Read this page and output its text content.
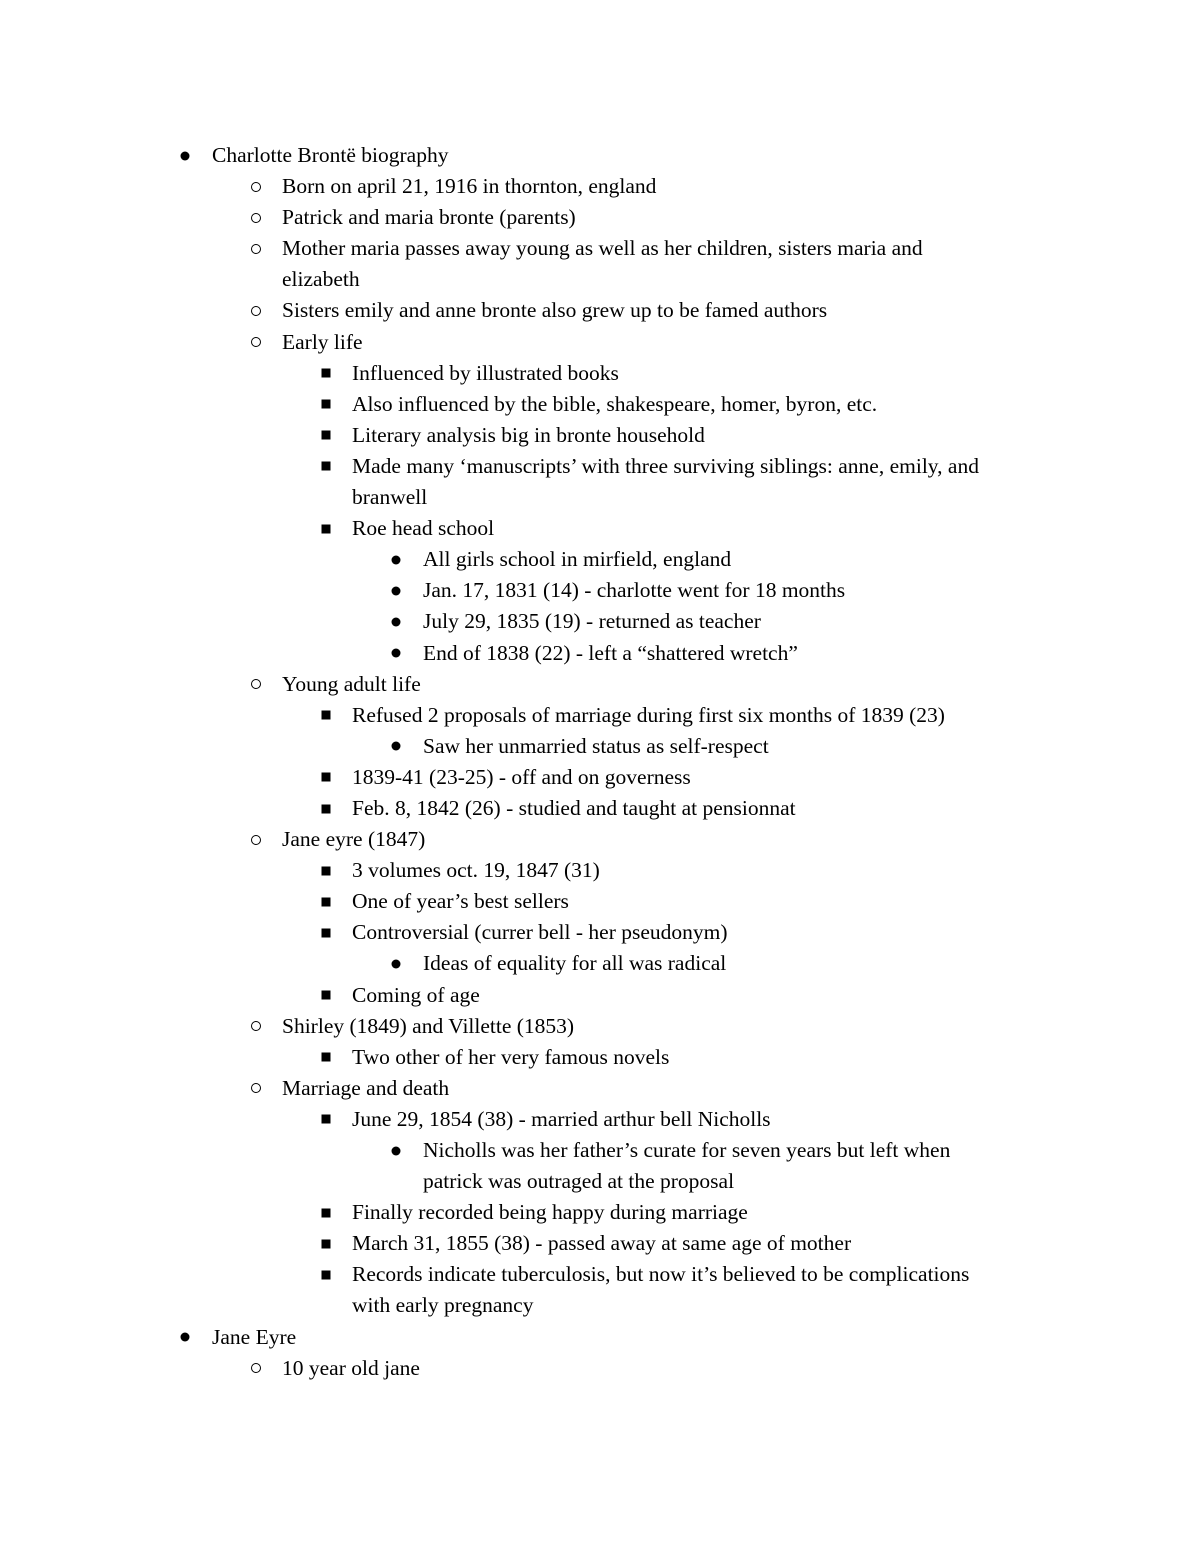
Charlotte Brontë biography
Born on april 21, 1916 in thornton, england
Patrick and maria bronte (parents)
Mother maria passes away young as well as her children, sisters maria and
elizabeth
Sisters emily and anne bronte also grew up to be famed authors
Early life
Influenced by illustrated books
Also influenced by the bible, shakespeare, homer, byron, etc.
Literary analysis big in bronte household
Made many ‘manuscripts’ with three surviving siblings: anne, emily, and
branwell
Roe head school
All girls school in mirfield, england
Jan. 17, 1831 (14) - charlotte went for 18 months
July 29, 1835 (19) - returned as teacher
End of 1838 (22) - left a “shattered wretch”
Young adult life
Refused 2 proposals of marriage during first six months of 1839 (23)
Saw her unmarried status as self-respect
1839-41 (23-25) - off and on governess
Feb. 8, 1842 (26) - studied and taught at pensionnat
Jane eyre (1847)
3 volumes oct. 19, 1847 (31)
One of year’s best sellers
Controversial (currer bell - her pseudonym)
Ideas of equality for all was radical
Coming of age
Shirley (1849) and Villette (1853)
Two other of her very famous novels
Marriage and death
June 29, 1854 (38) - married arthur bell Nicholls
Nicholls was her father’s curate for seven years but left when
patrick was outraged at the proposal
Finally recorded being happy during marriage
March 31, 1855 (38) - passed away at same age of mother
Records indicate tuberculosis, but now it’s believed to be complications
with early pregnancy
Jane Eyre
10 year old jane
